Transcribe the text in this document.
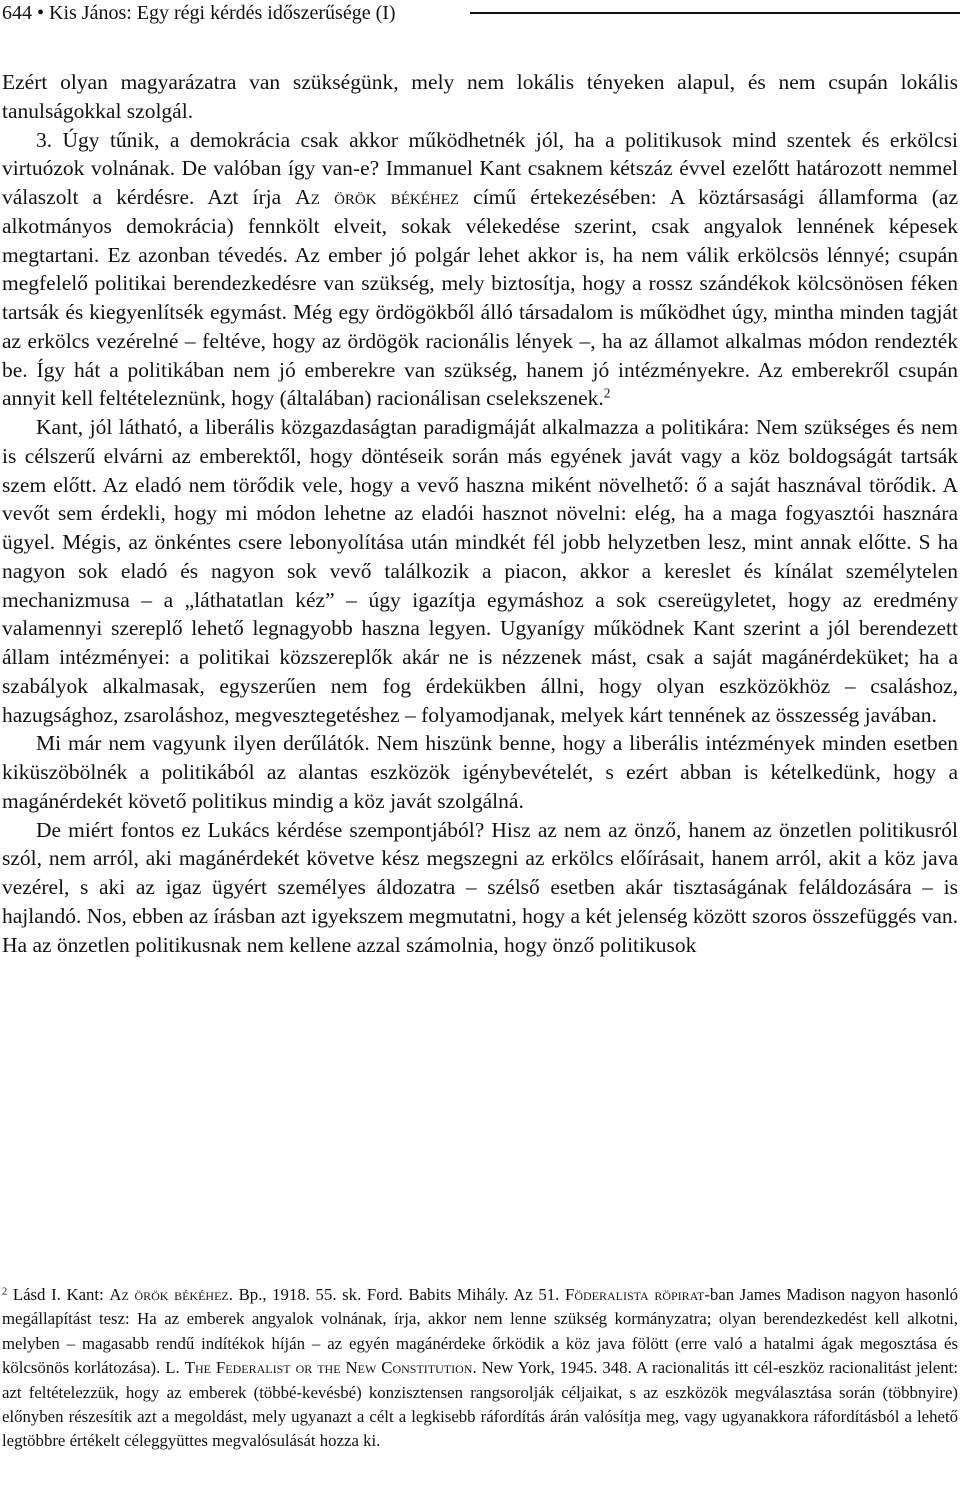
644 • Kis János: Egy régi kérdés időszerűsége (I)

Ezért olyan magyarázatra van szükségünk, mely nem lokális tényeken alapul, és nem csupán lokális tanulságokkal szolgál.

3. Úgy tűnik, a demokrácia csak akkor működhetnék jól, ha a politikusok mind szentek és erkölcsi virtuózok volnának. De valóban így van-e? Immanuel Kant csaknem kétszáz évvel ezelőtt határozott nemmel válaszolt a kérdésre. Azt írja Az örök békéhez című értekezésében: A köztársasági államforma (az alkotmányos demokrácia) fennkölt elveit, sokak vélekedése szerint, csak angyalok lennének képesek megtartani. Ez azonban tévedés. Az ember jó polgár lehet akkor is, ha nem válik erkölcsös lénnyé; csupán megfelelő politikai berendezkedésre van szükség, mely biztosítja, hogy a rossz szándékok kölcsönösen féken tartsák és kiegyenlítsék egymást. Még egy ördögökből álló társadalom is működhet úgy, mintha minden tagját az erkölcs vezérelné – feltéve, hogy az ördögök racionális lények –, ha az államot alkalmas módon rendezték be. Így hát a politikában nem jó emberekre van szükség, hanem jó intézményekre. Az emberekről csupán annyit kell feltételeznünk, hogy (általában) racionálisan cselekszenek.$^2$

Kant, jól látható, a liberális közgazdaságtan paradigmáját alkalmazza a politikára: Nem szükséges és nem is célszerű elvárni az emberektől, hogy döntéseik során más egyének javát vagy a köz boldogságát tartsák szem előtt. Az eladó nem törődik vele, hogy a vevő haszna miként növelhető: ő a saját hasznával törődik. A vevőt sem érdekli, hogy mi módon lehetne az eladói hasznot növelni: elég, ha a maga fogyasztói hasznára ügyel. Mégis, az önkéntes csere lebonyolítása után mindkét fél jobb helyzetben lesz, mint annak előtte. S ha nagyon sok eladó és nagyon sok vevő találkozik a piacon, akkor a kereslet és kínálat személytelen mechanizmusa – a „láthatatlan kéz” – úgy igazítja egymáshoz a sok csereügyletet, hogy az eredmény valamennyi szereplő lehető legnagyobb haszna legyen. Ugyanígy működnek Kant szerint a jól berendezett állam intézményei: a politikai közszereplők akár ne is nézzenek mást, csak a saját magánérdeküket; ha a szabályok alkalmasak, egyszerűen nem fog érdekükben állni, hogy olyan eszközökhöz – csaláshoz, hazugsághoz, zsaroláshoz, megvesztegetéshez – folyamodjanak, melyek kárt tennének az összesség javában.

Mi már nem vagyunk ilyen derűlátók. Nem hiszünk benne, hogy a liberális intézmények minden esetben kiküszöbölnék a politikából az alantas eszközök igénybevételét, s ezért abban is kételkedünk, hogy a magánérdekét követő politikus mindig a köz javát szolgálná.

De miért fontos ez Lukács kérdése szempontjából? Hisz az nem az önző, hanem az önzetlen politikusról szól, nem arról, aki magánérdekét követve kész megszegni az erkölcs előírásait, hanem arról, akit a köz java vezérel, s aki az igaz ügyért személyes áldozatra – szélső esetben akár tisztaságának feláldozására – is hajlandó. Nos, ebben az írásban azt igyekszem megmutatni, hogy a két jelenség között szoros összefüggés van. Ha az önzetlen politikusnak nem kellene azzal számolnia, hogy önző politikusok

$^2$ Lásd I. Kant: Az örök békéhez. Bp., 1918. 55. sk. Ford. Babits Mihály. Az 51. Föderalista röpirat-ban James Madison nagyon hasonló megállapítást tesz: Ha az emberek angyalok volnának, írja, akkor nem lenne szükség kormányzatra; olyan berendezkedést kell alkotni, melyben – magasabb rendű indítékok híján – az egyén magánérdeke őrködik a köz java fölött (erre való a hatalmi ágak megosztása és kölcsönös korlátozása). L. The Federalist or the New Constitution. New York, 1945. 348. A racionalitás itt cél-eszköz racionalitást jelent: azt feltételezzük, hogy az emberek (többé-kevésbé) konzisztensen rangsorolják céljaikat, s az eszközök megválasztása során (többnyire) előnyben részesítik azt a megoldást, mely ugyanazt a célt a legkisebb ráfordítás árán valósítja meg, vagy ugyanakkora ráfordításból a lehető legtöbbre értékelt céleggyüttes megvalósulását hozza ki.
